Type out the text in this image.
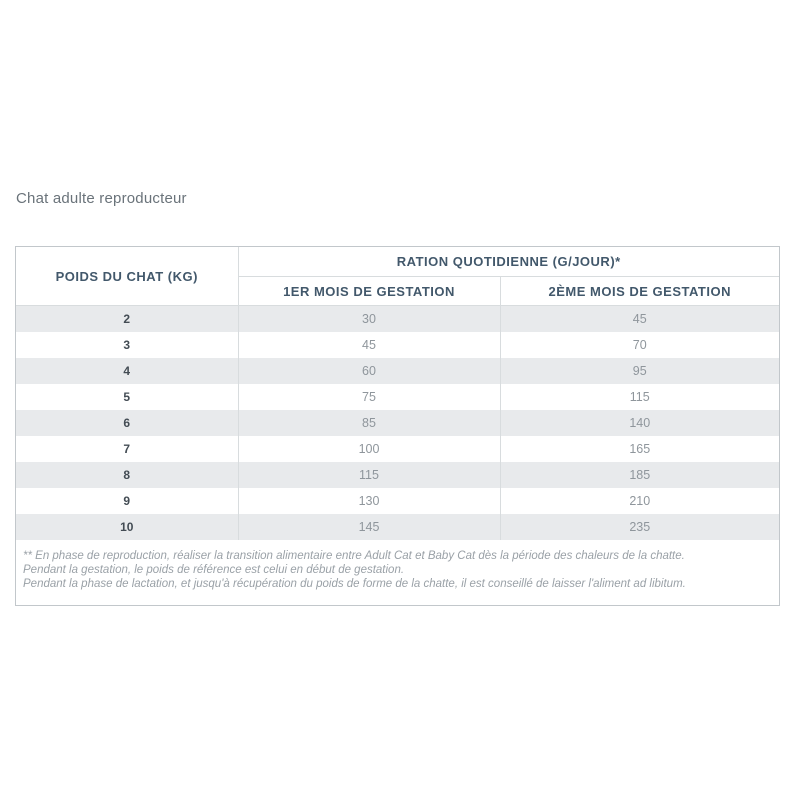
Chat adulte reproducteur
POIDS DU CHAT (KG)	RATION QUOTIDIENNE (G/JOUR)*	
	1ER MOIS DE GESTATION	2ÈME MOIS DE GESTATION
2	30	45
3	45	70
4	60	95
5	75	115
6	85	140
7	100	165
8	115	185
9	130	210
10	145	235

** En phase de reproduction, réaliser la transition alimentaire entre Adult Cat et Baby Cat dès la période des chaleurs de la chatte.

Pendant la gestation, le poids de référence est celui en début de gestation.

Pendant la phase de lactation, et jusqu'à récupération du poids de forme de la chatte, il est conseillé de laisser l'aliment ad libitum.
